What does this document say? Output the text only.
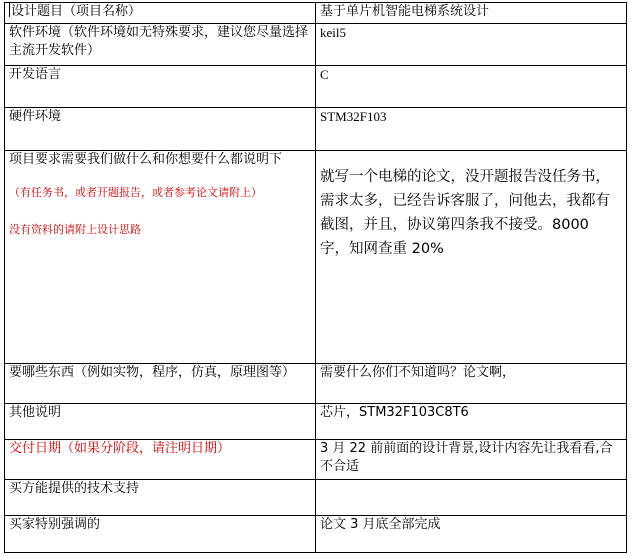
设计题目（项目名称）	基于单片机智能电梯系统设计
软件环境（软件环境如无特殊要求，建议您尽量选择主流开发软件）	keil5
开发语言	C
硬件环境	STM32F103

项目要求需要我们做什么和你想要什么都说明下
（有任务书，或者开题报告，或者参考论文请附上）
没有资料的请附上设计思路	就写一个电梯的论文，没开题报告没任务书，需求太多，已经告诉客服了，问他去，我都有截图，并且，协议第四条我不接受。8000 字，知网查重 20%

要哪些东西（例如实物，程序，仿真，原理图等）	需要什么你们不知道吗？论文啊，
其他说明	芯片，STM32F103C8T6
交付日期（如果分阶段，请注明日期）	3 月 22 前前面的设计背景,设计内容先让我看看,合不合适

买方能提供的技术支持	
买家特别强调的	论文 3 月底全部完成
